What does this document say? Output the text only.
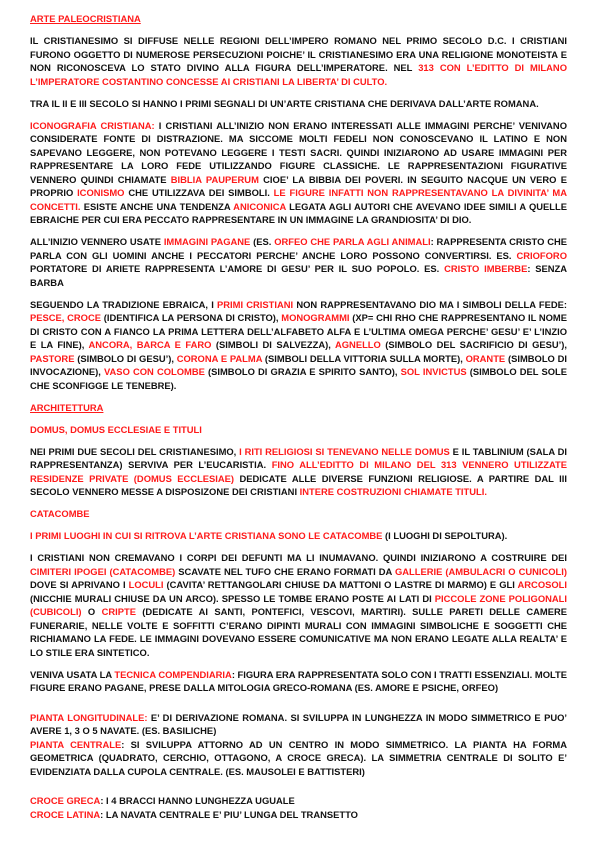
ARTE PALEOCRISTIANA

IL CRISTIANESIMO SI DIFFUSE NELLE REGIONI DELL’IMPERO ROMANO NEL PRIMO SECOLO D.C. I CRISTIANI FURONO OGGETTO DI NUMEROSE PERSECUZIONI POICHE’ IL CRISTIANESIMO ERA UNA RELIGIONE MONOTEISTA E NON RICONOSCEVA LO STATO DIVINO ALLA FIGURA DELL’IMPERATORE. NEL 313 CON L’EDITTO DI MILANO L’IMPERATORE COSTANTINO CONCESSE AI CRISTIANI LA LIBERTA’ DI CULTO.

TRA IL II E III SECOLO SI HANNO I PRIMI SEGNALI DI UN’ARTE CRISTIANA CHE DERIVAVA DALL’ARTE ROMANA.

ICONOGRAFIA CRISTIANA: I CRISTIANI ALL’INIZIO NON ERANO INTERESSATI ALLE IMMAGINI PERCHE’ VENIVANO CONSIDERATE FONTE DI DISTRAZIONE. MA SICCOME MOLTI FEDELI NON CONOSCEVANO IL LATINO E NON SAPEVANO LEGGERE, NON POTEVANO LEGGERE I TESTI SACRI. QUINDI INIZIARONO AD USARE IMMAGINI PER RAPPRESENTARE LA LORO FEDE UTILIZZANDO FIGURE CLASSICHE. LE RAPPRESENTAZIONI FIGURATIVE VENNERO QUINDI CHIAMATE BIBLIA PAUPERUM CIOE’ LA BIBBIA DEI POVERI. IN SEGUITO NACQUE UN VERO E PROPRIO ICONISMO CHE UTILIZZAVA DEI SIMBOLI. LE FIGURE INFATTI NON RAPPRESENTAVANO LA DIVINITA’ MA CONCETTI. ESISTE ANCHE UNA TENDENZA ANICONICA LEGATA AGLI AUTORI CHE AVEVANO IDEE SIMILI A QUELLE EBRAICHE PER CUI ERA PECCATO RAPPRESENTARE IN UN IMMAGINE LA GRANDIOSITA’ DI DIO.

ALL’INIZIO VENNERO USATE IMMAGINI PAGANE (ES. ORFEO CHE PARLA AGLI ANIMALI: RAPPRESENTA CRISTO CHE PARLA CON GLI UOMINI ANCHE I PECCATORI PERCHE’ ANCHE LORO POSSONO CONVERTIRSI. ES. CRIOFORO PORTATORE DI ARIETE RAPPRESENTA L’AMORE DI GESU’ PER IL SUO POPOLO. ES. CRISTO IMBERBE: SENZA BARBA

SEGUENDO LA TRADIZIONE EBRAICA, I PRIMI CRISTIANI NON RAPPRESENTAVANO DIO MA I SIMBOLI DELLA FEDE: PESCE, CROCE (IDENTIFICA LA PERSONA DI CRISTO), MONOGRAMMI (XP= CHI RHO CHE RAPPRESENTANO IL NOME DI CRISTO CON A FIANCO LA PRIMA LETTERA DELL’ALFABETO ALFA E L’ULTIMA OMEGA PERCHE’ GESU’ E’ L’INZIO E LA FINE), ANCORA, BARCA E FARO (SIMBOLI DI SALVEZZA), AGNELLO (SIMBOLO DEL SACRIFICIO DI GESU’), PASTORE (SIMBOLO DI GESU’), CORONA E PALMA (SIMBOLI DELLA VITTORIA SULLA MORTE), ORANTE (SIMBOLO DI INVOCAZIONE), VASO CON COLOMBE (SIMBOLO DI GRAZIA E SPIRITO SANTO), SOL INVICTUS (SIMBOLO DEL SOLE CHE SCONFIGGE LE TENEBRE).

ARCHITETTURA

DOMUS, DOMUS ECCLESIAE E TITULI

NEI PRIMI DUE SECOLI DEL CRISTIANESIMO, I RITI RELIGIOSI SI TENEVANO NELLE DOMUS E IL TABLINIUM (SALA DI RAPPRESENTANZA) SERVIVA PER L’EUCARISTIA. FINO ALL’EDITTO DI MILANO DEL 313 VENNERO UTILIZZATE RESIDENZE PRIVATE (DOMUS ECCLESIAE) DEDICATE ALLE DIVERSE FUNZIONI RELIGIOSE. A PARTIRE DAL III SECOLO VENNERO MESSE A DISPOSIZONE DEI CRISTIANI INTERE COSTRUZIONI CHIAMATE TITULI.

CATACOMBE

I PRIMI LUOGHI IN CUI SI RITROVA L’ARTE CRISTIANA SONO LE CATACOMBE (I LUOGHI DI SEPOLTURA).

I CRISTIANI NON CREMAVANO I CORPI DEI DEFUNTI MA LI INUMAVANO. QUINDI INIZIARONO A COSTRUIRE DEI CIMITERI IPOGEI (CATACOMBE) SCAVATE NEL TUFO CHE ERANO FORMATI DA GALLERIE (AMBULACRI O CUNICOLI) DOVE SI APRIVANO I LOCULI (CAVITA’ RETTANGOLARI CHIUSE DA MATTONI O LASTRE DI MARMO) E GLI ARCOSOLI (NICCHIE MURALI CHIUSE DA UN ARCO). SPESSO LE TOMBE ERANO POSTE AI LATI DI PICCOLE ZONE POLIGONALI (CUBICOLI) O CRIPTE (DEDICATE AI SANTI, PONTEFICI, VESCOVI, MARTIRI). SULLE PARETI DELLE CAMERE FUNERARIE, NELLE VOLTE E SOFFITTI C’ERANO DIPINTI MURALI CON IMMAGINI SIMBOLICHE E SOGGETTI CHE RICHIAMANO LA FEDE. LE IMMAGINI DOVEVANO ESSERE COMUNICATIVE MA NON ERANO LEGATE ALLA REALTA’ E LO STILE ERA SINTETICO.

VENIVA USATA LA TECNICA COMPENDIARIA: FIGURA ERA RAPPRESENTATA SOLO CON I TRATTI ESSENZIALI. MOLTE FIGURE ERANO PAGANE, PRESE DALLA MITOLOGIA GRECO-ROMANA (ES. AMORE E PSICHE, ORFEO)

PIANTA LONGITUDINALE: E’ DI DERIVAZIONE ROMANA. SI SVILUPPA IN LUNGHEZZA IN MODO SIMMETRICO E PUO’ AVERE 1, 3 O 5 NAVATE. (ES. BASILICHE)

PIANTA CENTRALE: SI SVILUPPA ATTORNO AD UN CENTRO IN MODO SIMMETRICO. LA PIANTA HA FORMA GEOMETRICA (QUADRATO, CERCHIO, OTTAGONO, A CROCE GRECA). LA SIMMETRIA CENTRALE DI SOLITO E’ EVIDENZIATA DALLA CUPOLA CENTRALE. (ES. MAUSOLEI E BATTISTERI)

CROCE GRECA: I 4 BRACCI HANNO LUNGHEZZA UGUALE

CROCE LATINA: LA NAVATA CENTRALE E’ PIU’ LUNGA DEL TRANSETTO
